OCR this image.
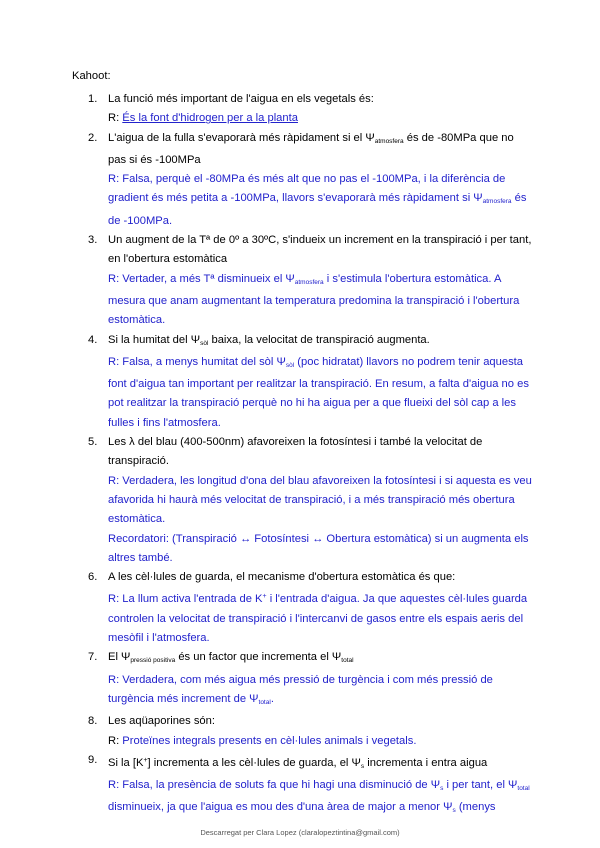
Kahoot:
1. La funció més important de l'aigua en els vegetals és:
R: És la font d'hidrogen per a la planta
2. L'aigua de la fulla s'evaporarà més ràpidament si el $\Psi_{atmosfera}$ és de -80MPa que no pas si és -100MPa
R: Falsa, perquè el -80MPa és més alt que no pas el -100MPa, i la diferència de gradient és més petita a -100MPa, llavors s'evaporarà més ràpidament si $\Psi_{atmosfera}$ és de -100MPa.
3. Un augment de la Tª de 0º a 30ºC, s'indueix un increment en la transpiració i per tant, en l'obertura estomàtica
R: Vertader, a més Tª disminueix el $\Psi_{atmosfera}$ i s'estimula l'obertura estomàtica. A mesura que anam augmentant la temperatura predomina la transpiració i l'obertura estomàtica.
4. Si la humitat del $\Psi_{sòl}$ baixa, la velocitat de transpiració augmenta.
R: Falsa, a menys humitat del sòl $\Psi_{sòl}$ (poc hidratat) llavors no podrem tenir aquesta font d'aigua tan important per realitzar la transpiració. En resum, a falta d'aigua no es pot realitzar la transpiració perquè no hi ha aigua per a que flueixi del sòl cap a les fulles i fins l'atmosfera.
5. Les λ del blau (400-500nm) afavoreixen la fotosíntesi i també la velocitat de transpiració.
R: Verdadera, les longitud d'ona del blau afavoreixen la fotosíntesi i si aquesta es veu afavorida hi haurà més velocitat de transpiració, i a més transpiració més obertura estomàtica.
Recordatori: (Transpiració ↔ Fotosíntesi ↔ Obertura estomàtica) si un augmenta els altres també.
6. A les cèl·lules de guarda, el mecanisme d'obertura estomàtica és que:
R: La llum activa l'entrada de K+ i l'entrada d'aigua. Ja que aquestes cèl·lules guarda controlen la velocitat de transpiració i l'intercanvi de gasos entre els espais aeris del mesòfil i l'atmosfera.
7. El $\Psi_{pressió positiva}$ és un factor que incrementa el $\Psi_{total}$
R: Verdadera, com més aigua més pressió de turgència i com més pressió de turgència més increment de $\Psi_{total}$.
8. Les aqüaporines són:
R: Proteïnes integrals presents en cèl·lules animals i vegetals.
9. Si la [K+] incrementa a les cèl·lules de guarda, el $\Psi_s$ incrementa i entra aigua
R: Falsa, la presència de soluts fa que hi hagi una disminució de $\Psi_s$ i per tant, el $\Psi_{total}$ disminueix, ja que l'aigua es mou des d'una àrea de major a menor $\Psi_s$ (menys
Descarregat per Clara Lopez (claralopeztintina@gmail.com)
